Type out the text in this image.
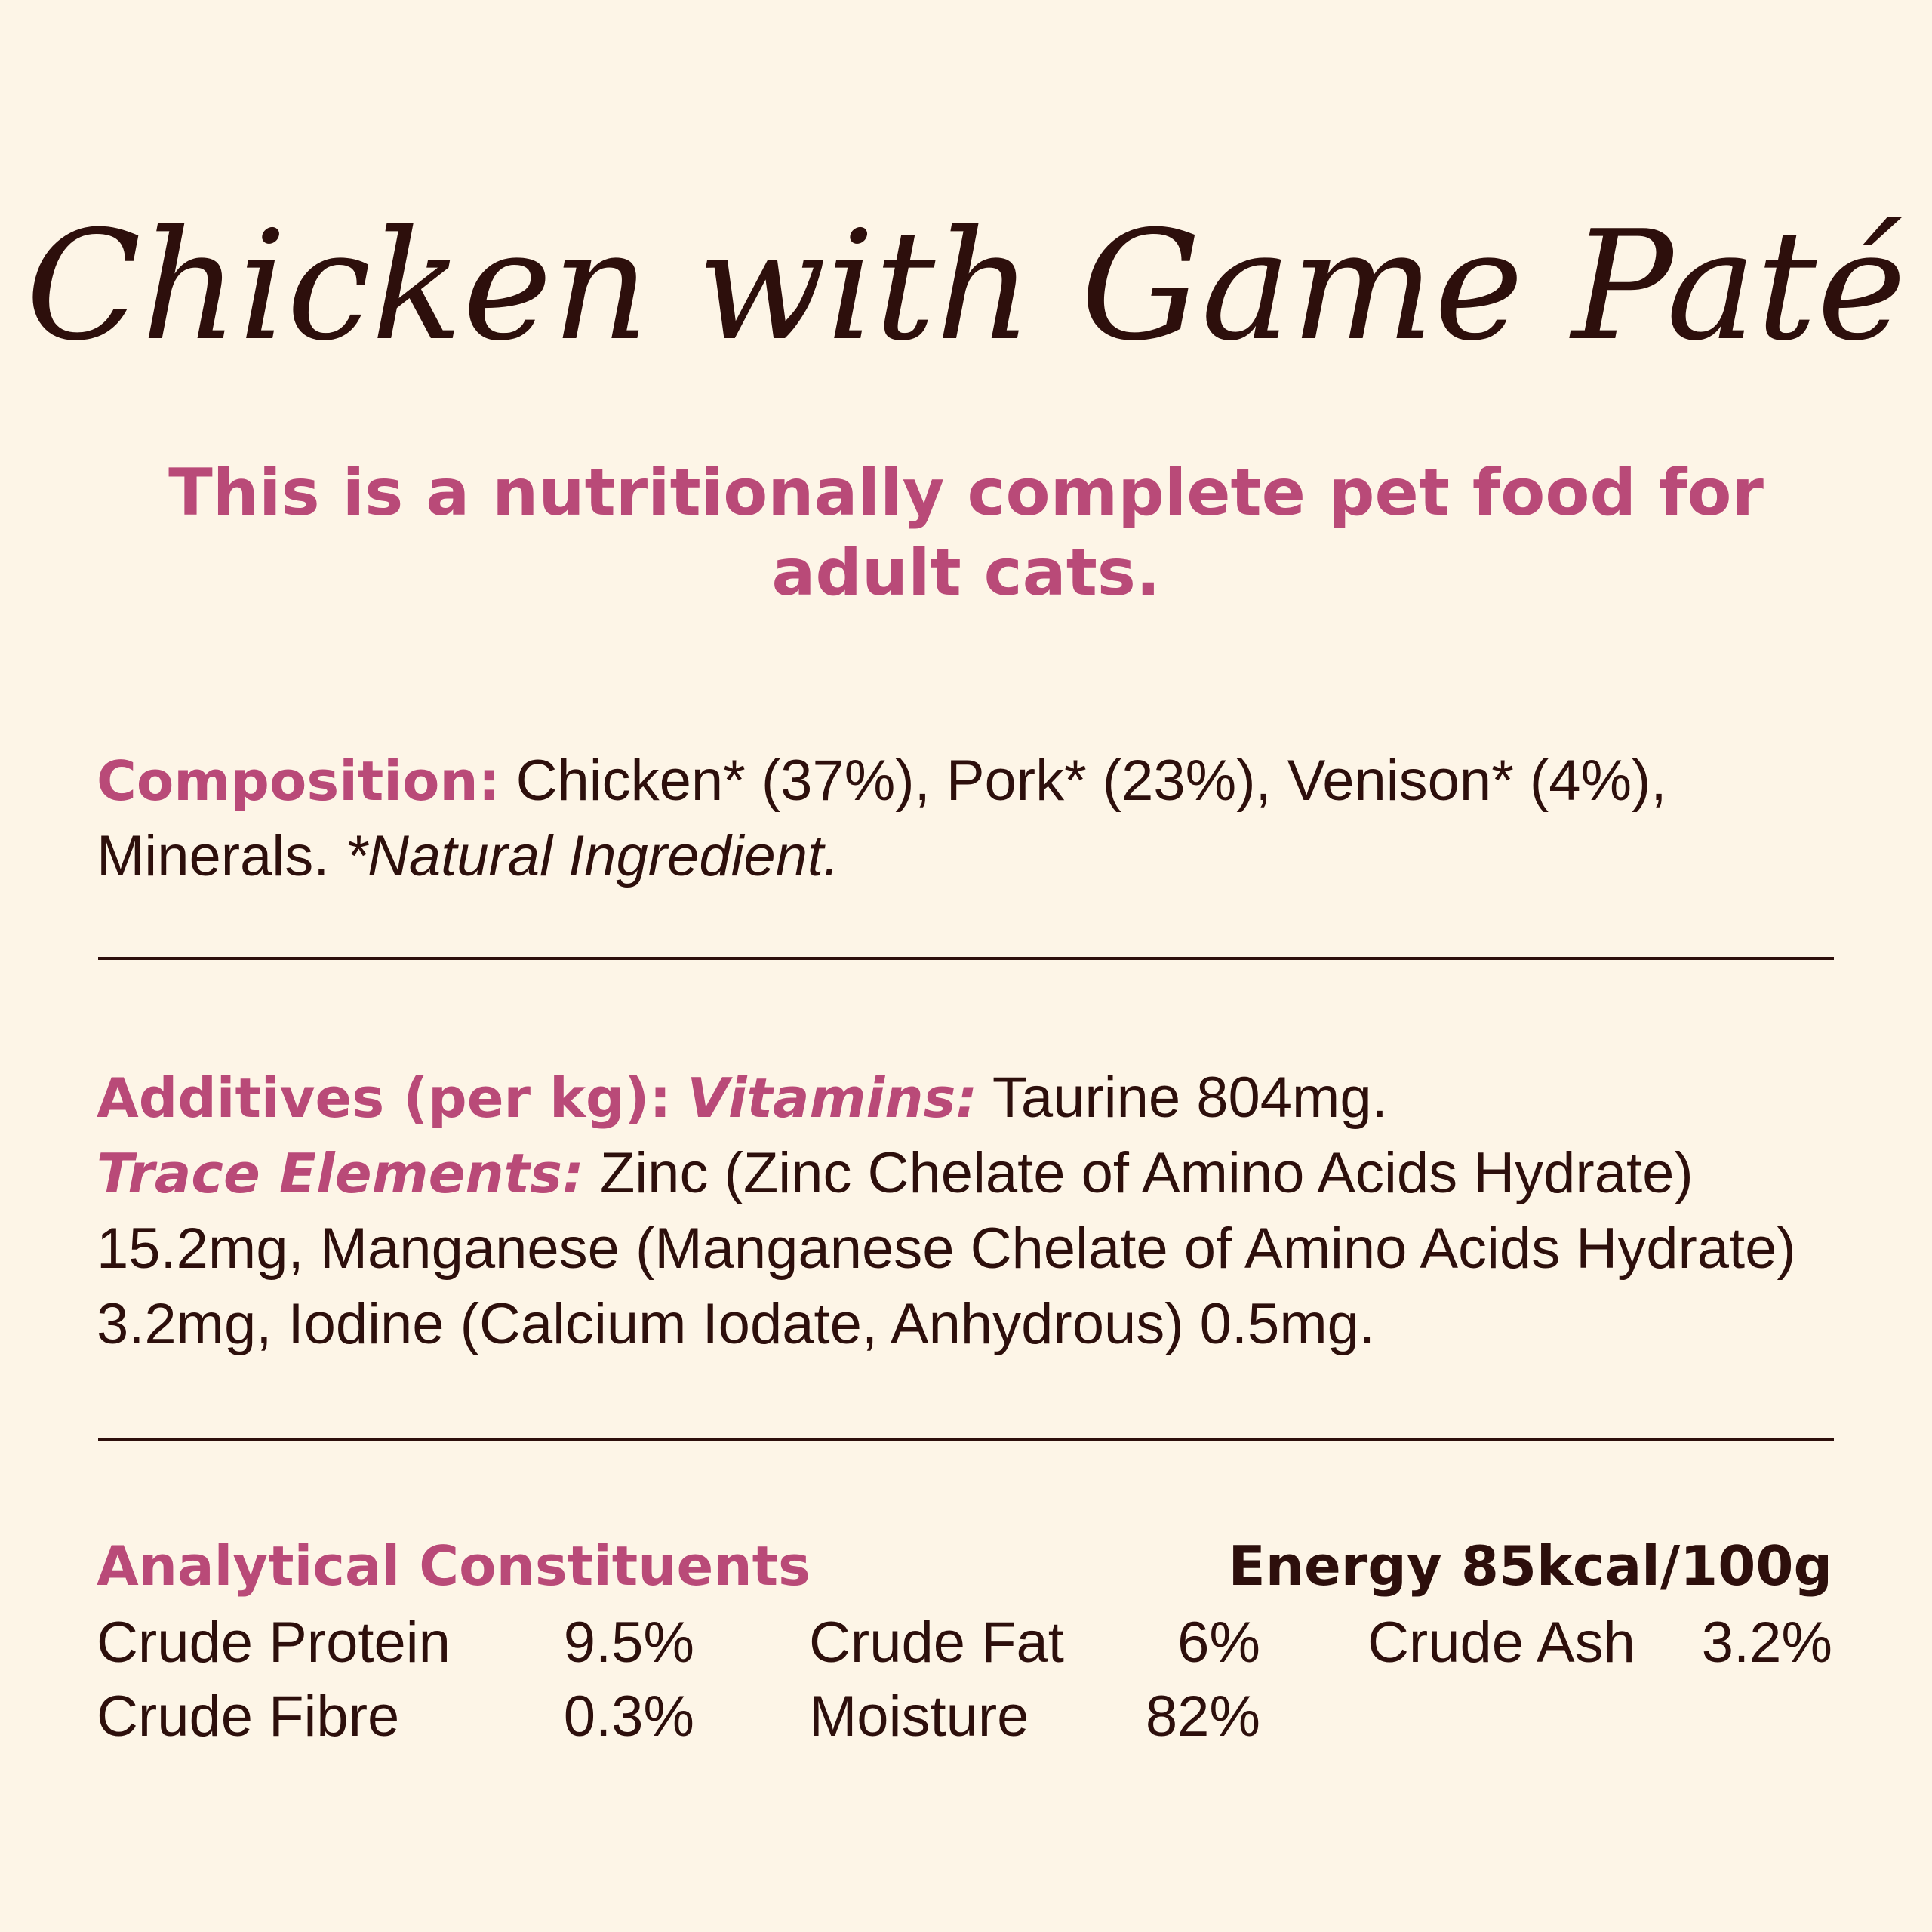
Chicken with Game Paté
This is a nutritionally complete pet food for adult cats.
Composition: Chicken* (37%), Pork* (23%), Venison* (4%), Minerals. *Natural Ingredient.
Additives (per kg): Vitamins: Taurine 804mg.
Trace Elements: Zinc (Zinc Chelate of Amino Acids Hydrate) 15.2mg, Manganese (Manganese Chelate of Amino Acids Hydrate) 3.2mg, Iodine (Calcium Iodate, Anhydrous) 0.5mg.
Analytical Constituents	Energy 85kcal/100g
Crude Protein	9.5% Crude Fat	6% Crude Ash	3.2%
Crude Fibre	0.3% Moisture	82%
